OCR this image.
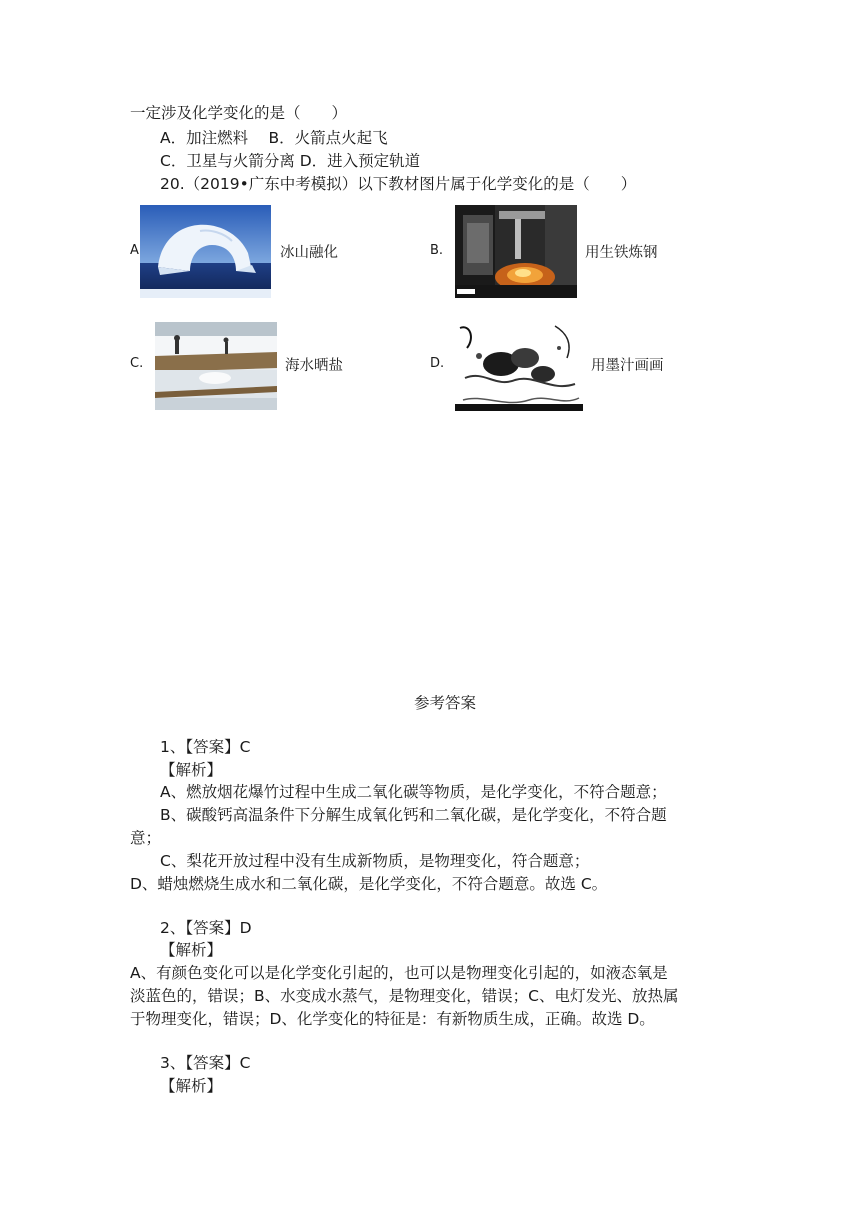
一定涉及化学变化的是（　　）
A．加注燃料　 B．火箭点火起飞
C．卫星与火箭分离 D．进入预定轨道
20.（2019•广东中考模拟）以下教材图片属于化学变化的是（　　）
A	冰山融化	B.	用生铁炼钢
C.	海水晒盐	D.	用墨汁画画
参考答案
1、【答案】C
【解析】
A、燃放烟花爆竹过程中生成二氧化碳等物质，是化学变化，不符合题意；
B、碳酸钙高温条件下分解生成氧化钙和二氧化碳，是化学变化，不符合题
意；
C、梨花开放过程中没有生成新物质，是物理变化，符合题意；
D、蜡烛燃烧生成水和二氧化碳，是化学变化，不符合题意。故选 C。
2、【答案】D
【解析】
A、有颜色变化可以是化学变化引起的，也可以是物理变化引起的，如液态氧是
淡蓝色的，错误；B、水变成水蒸气，是物理变化，错误；C、电灯发光、放热属
于物理变化，错误；D、化学变化的特征是：有新物质生成，正确。故选 D。
3、【答案】C
【解析】
